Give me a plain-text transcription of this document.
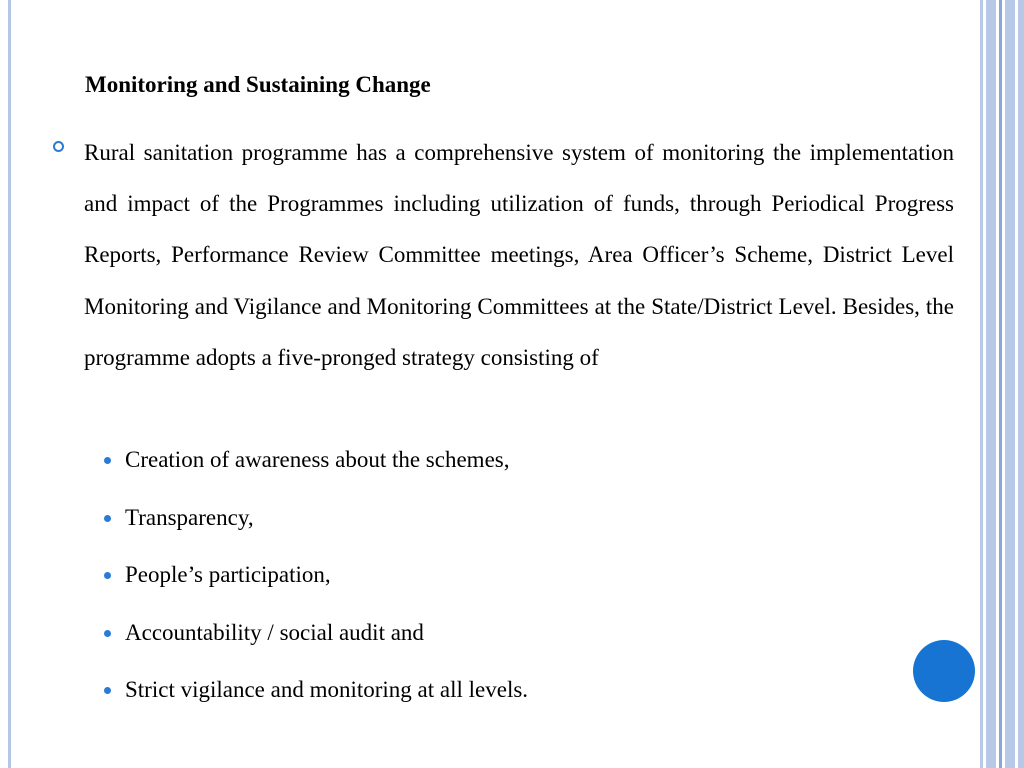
Monitoring and Sustaining Change
Rural sanitation programme has a comprehensive system of monitoring the implementation and impact of the Programmes including utilization of funds, through Periodical Progress Reports, Performance Review Committee meetings, Area Officer’s Scheme, District Level Monitoring and Vigilance and Monitoring Committees at the State/District Level. Besides, the programme adopts a five-pronged strategy consisting of
Creation of awareness about the schemes,
Transparency,
People’s participation,
Accountability / social audit and
Strict vigilance and monitoring at all levels.
